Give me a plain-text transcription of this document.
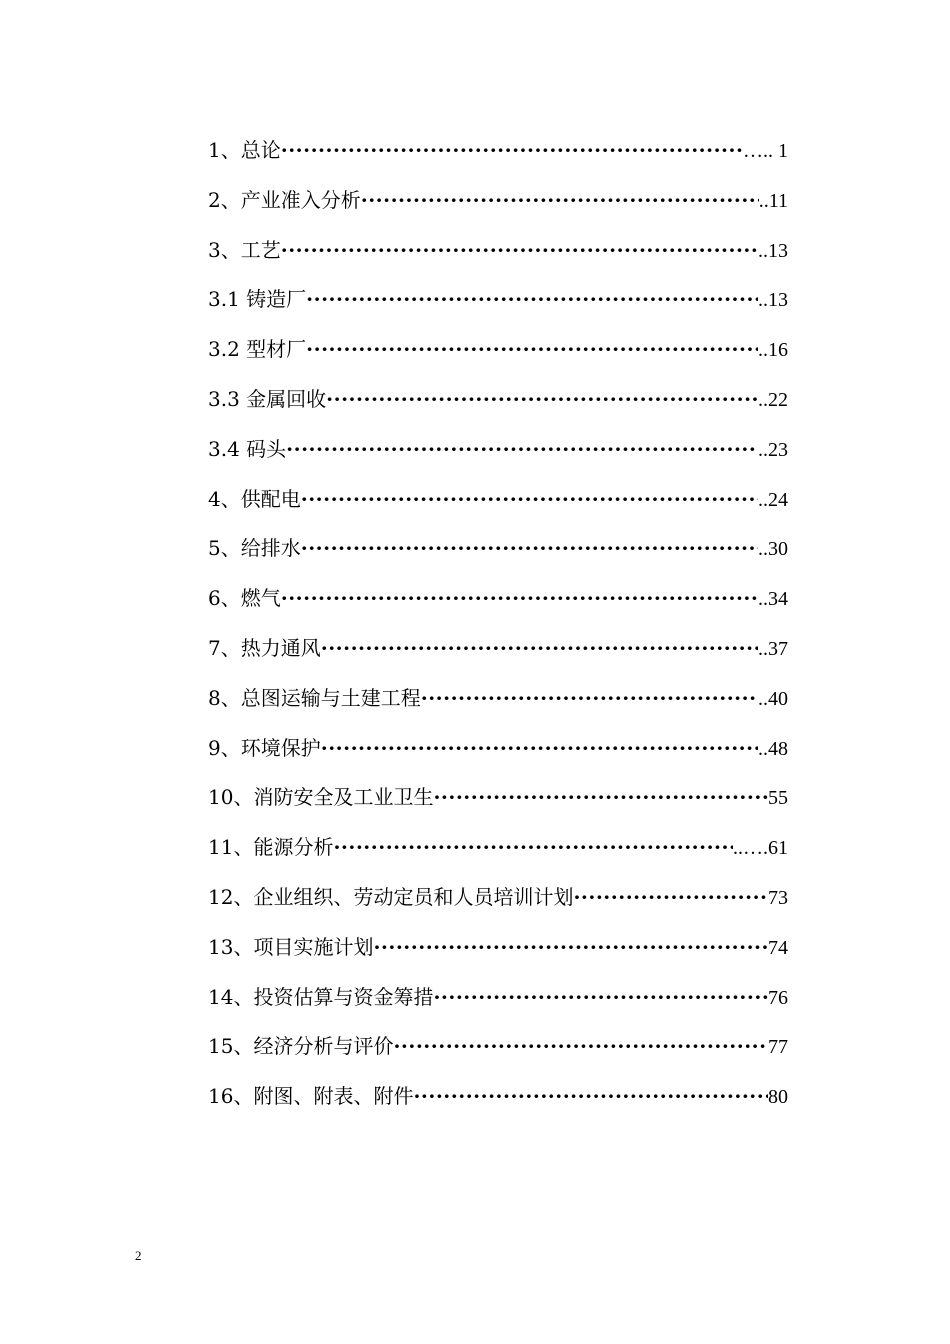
1、总论 ·····	….. 1
2、产业准入分析 ·····	..11
3、工艺 ·····	..13
3.1 铸造厂 ·····	..13
3.2 型材厂 ·····	..16
3.3 金属回收 ·····	..22
3.4 码头 ·····	..23
4、供配电 ·····	..24
5、给排水 ·····	..30
6、燃气 ·····	..34
7、热力通风 ·····	..37
8、总图运输与土建工程 ·····	..40
9、环境保护 ·····	..48
10、消防安全及工业卫生 ·····	55
11、能源分析 ·····	..….61
12、企业组织、劳动定员和人员培训计划 ·····	73
13、项目实施计划 ·····	74
14、投资估算与资金筹措 ·····	76
15、经济分析与评价 ·····	77
16、附图、附表、附件 ·····	80
2
